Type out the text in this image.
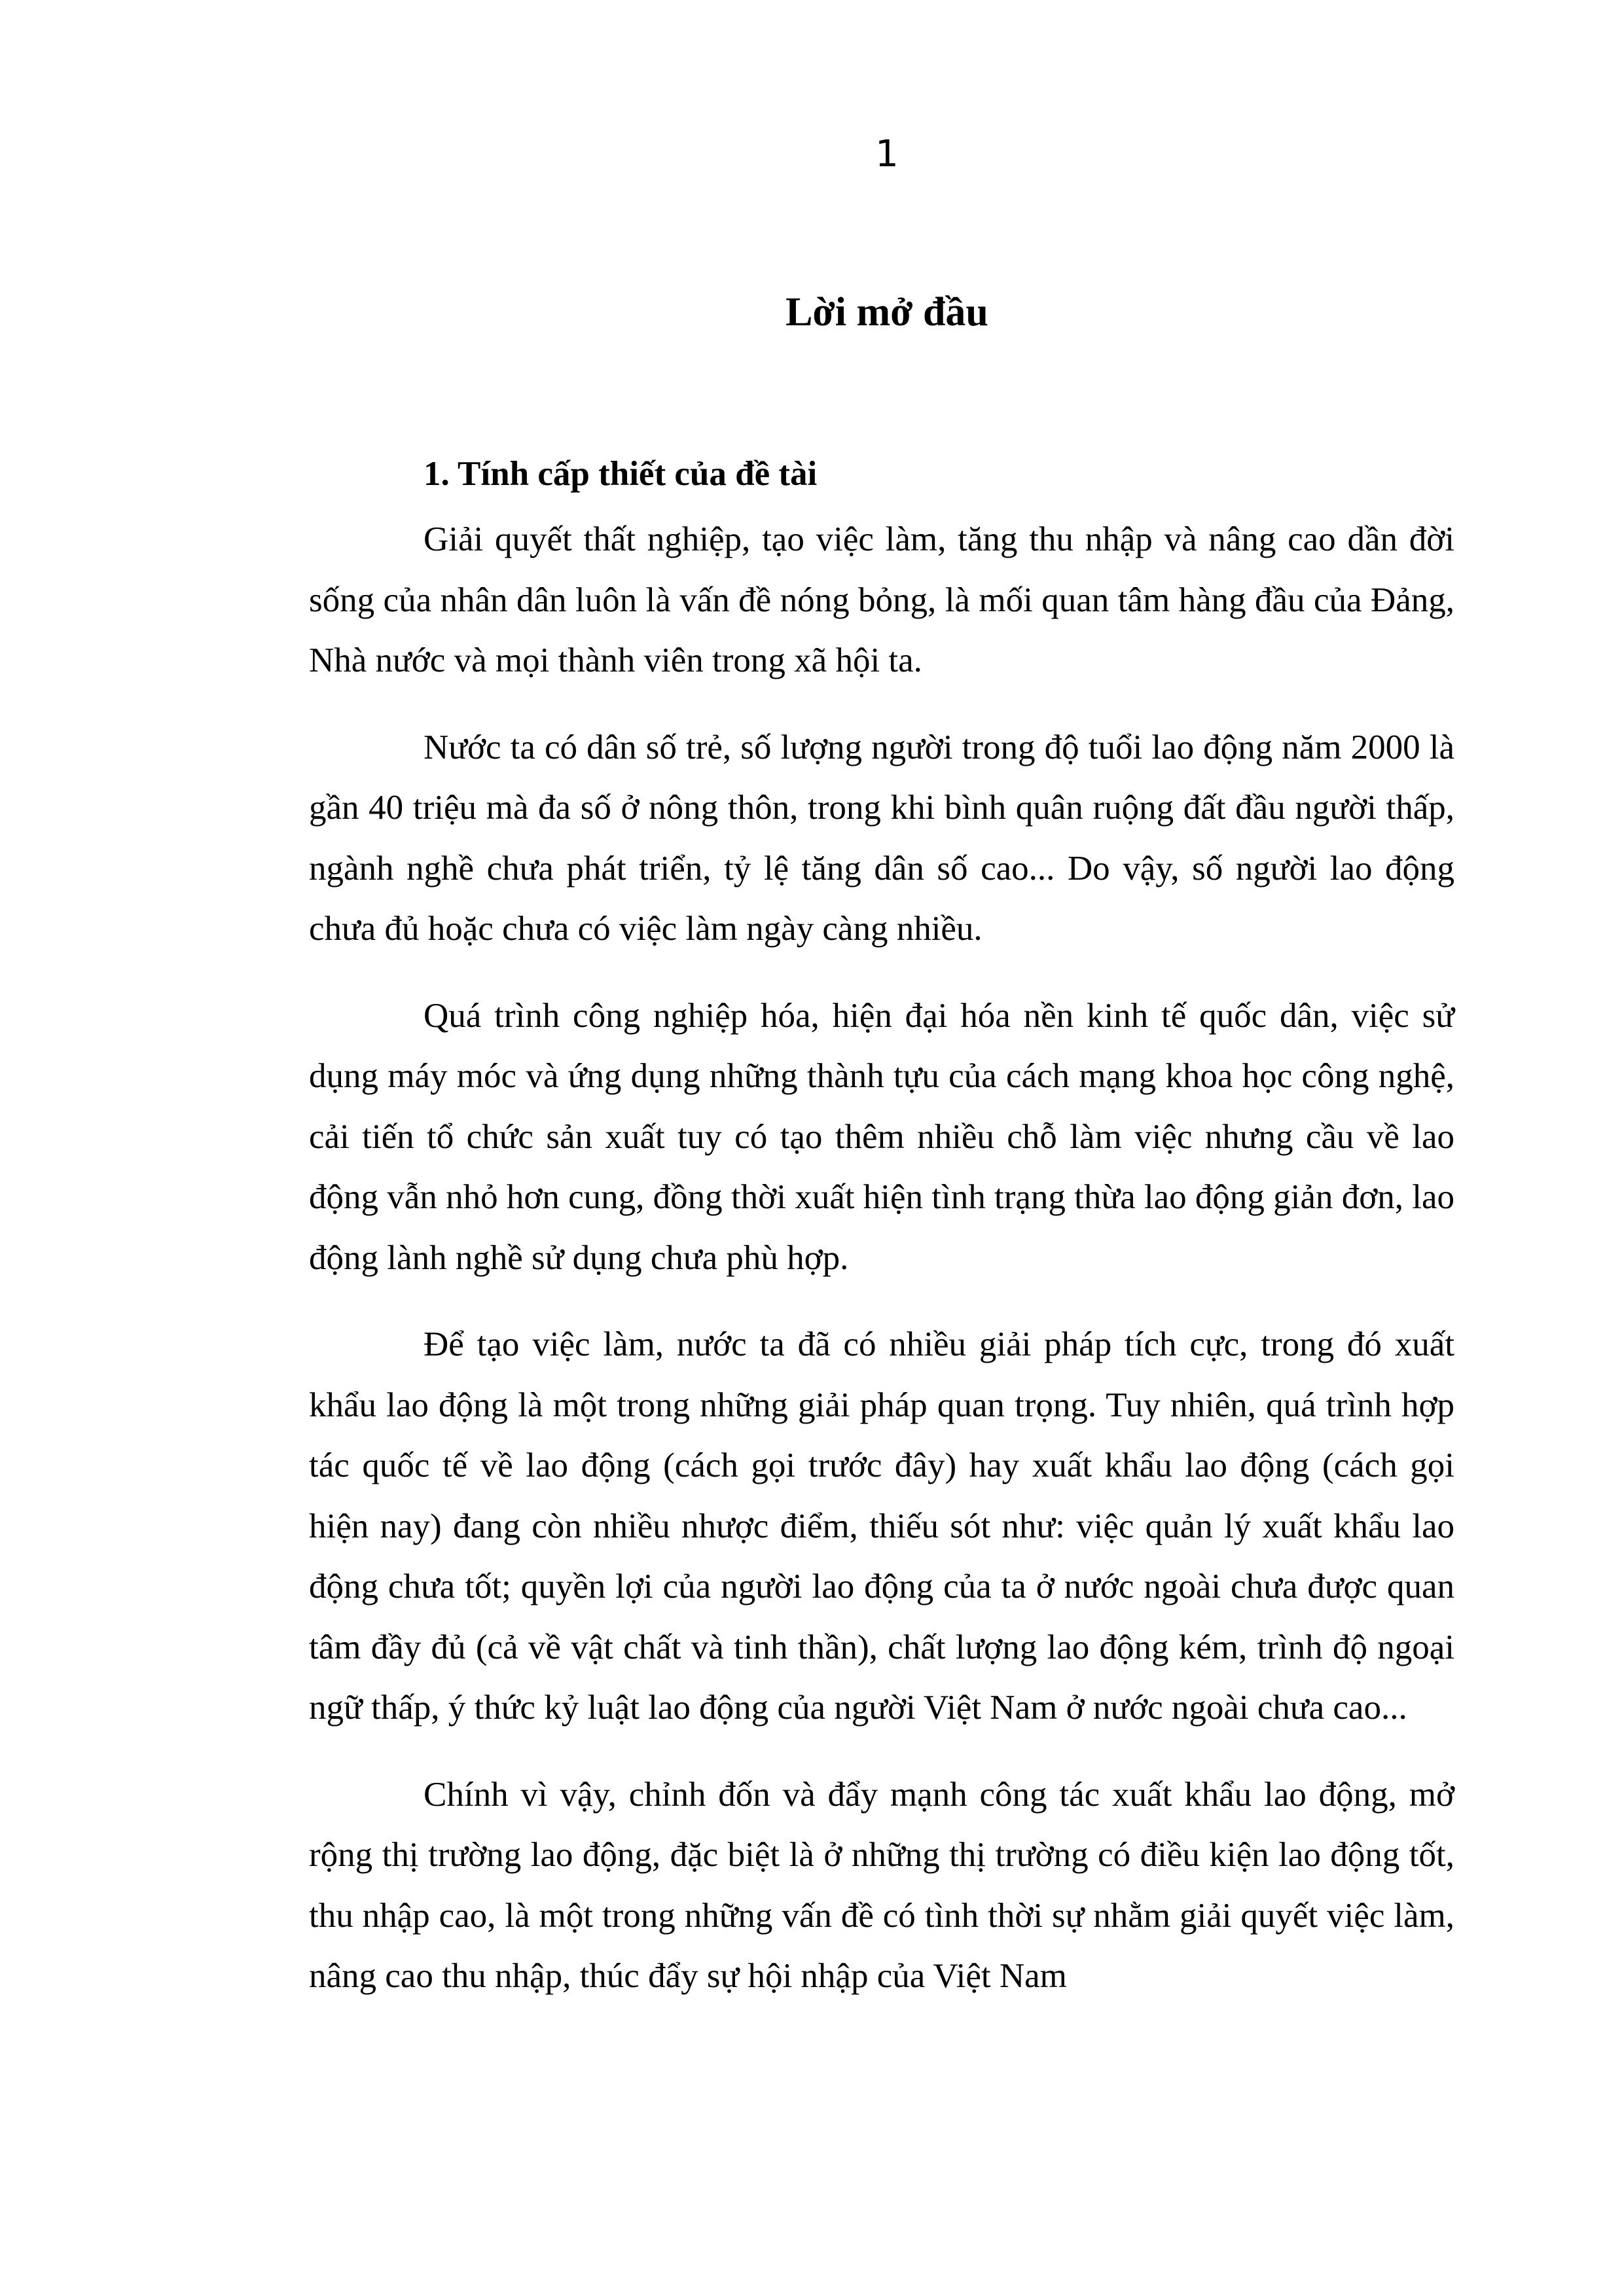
1
Lời mở đầu
1. Tính cấp thiết của đề tài

Giải quyết thất nghiệp, tạo việc làm, tăng thu nhập và nâng cao dần đời sống của nhân dân luôn là vấn đề nóng bỏng, là mối quan tâm hàng đầu của Đảng, Nhà nước và mọi thành viên trong xã hội ta.

Nước ta có dân số trẻ, số lượng người trong độ tuổi lao động năm 2000 là gần 40 triệu mà đa số ở nông thôn, trong khi bình quân ruộng đất đầu người thấp, ngành nghề chưa phát triển, tỷ lệ tăng dân số cao... Do vậy, số người lao động chưa đủ hoặc chưa có việc làm ngày càng nhiều.

Quá trình công nghiệp hóa, hiện đại hóa nền kinh tế quốc dân, việc sử dụng máy móc và ứng dụng những thành tựu của cách mạng khoa học công nghệ, cải tiến tổ chức sản xuất tuy có tạo thêm nhiều chỗ làm việc nhưng cầu về lao động vẫn nhỏ hơn cung, đồng thời xuất hiện tình trạng thừa lao động giản đơn, lao động lành nghề sử dụng chưa phù hợp.

Để tạo việc làm, nước ta đã có nhiều giải pháp tích cực, trong đó xuất khẩu lao động là một trong những giải pháp quan trọng. Tuy nhiên, quá trình hợp tác quốc tế về lao động (cách gọi trước đây) hay xuất khẩu lao động (cách gọi hiện nay) đang còn nhiều nhược điểm, thiếu sót như: việc quản lý xuất khẩu lao động chưa tốt; quyền lợi của người lao động của ta ở nước ngoài chưa được quan tâm đầy đủ (cả về vật chất và tinh thần), chất lượng lao động kém, trình độ ngoại ngữ thấp, ý thức kỷ luật lao động của người Việt Nam ở nước ngoài chưa cao...

Chính vì vậy, chỉnh đốn và đẩy mạnh công tác xuất khẩu lao động, mở rộng thị trường lao động, đặc biệt là ở những thị trường có điều kiện lao động tốt, thu nhập cao, là một trong những vấn đề có tình thời sự nhằm giải quyết việc làm, nâng cao thu nhập, thúc đẩy sự hội nhập của Việt Nam
